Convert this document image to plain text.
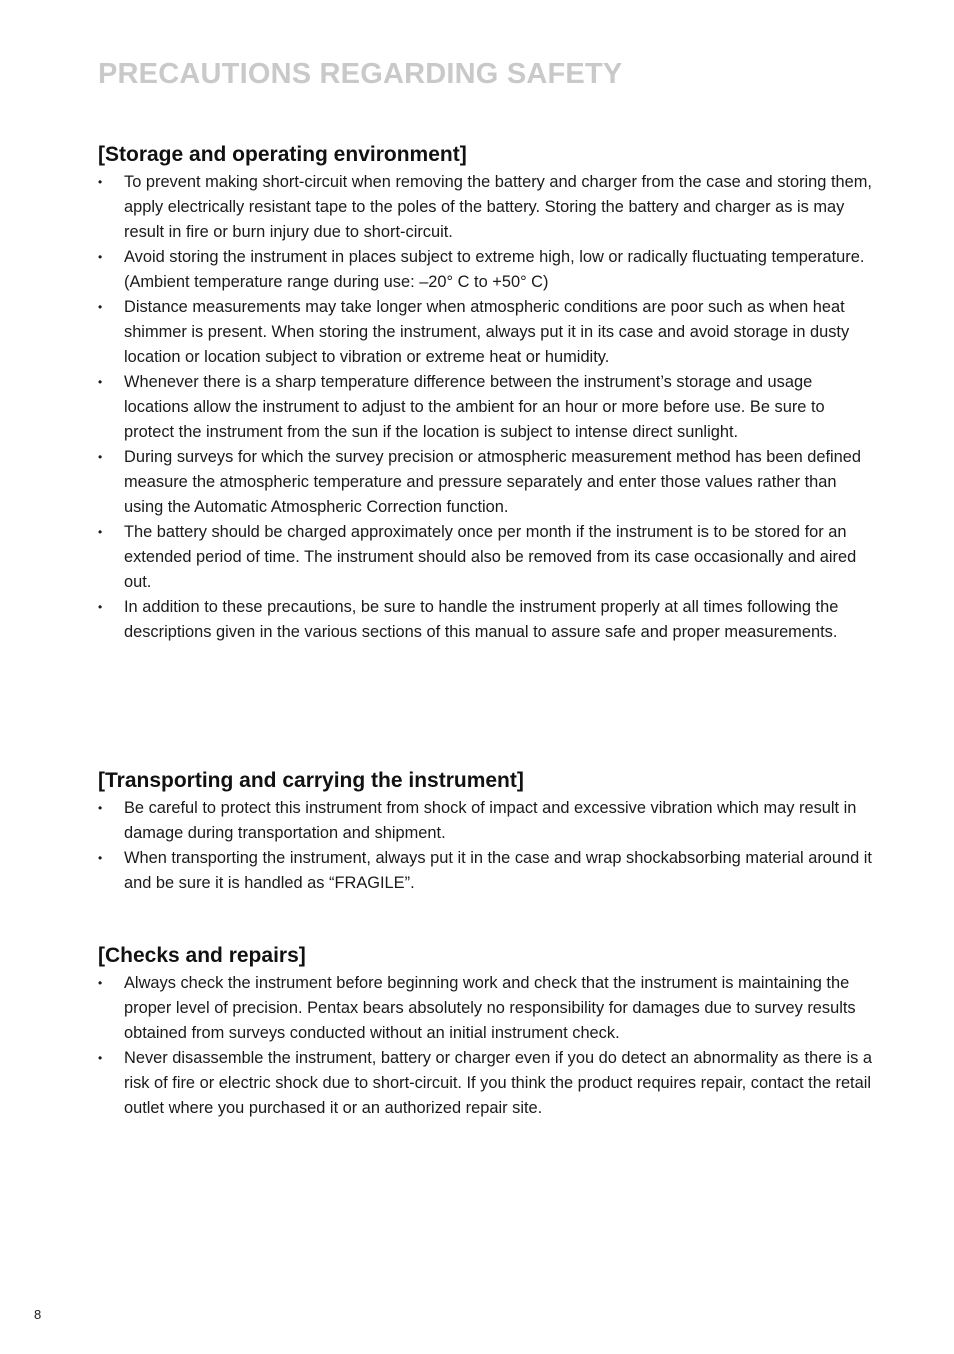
PRECAUTIONS REGARDING SAFETY
[Storage and operating environment]
• To prevent making short-circuit when removing the battery and charger from the case and storing them, apply electrically resistant tape to the poles of the battery. Storing the battery and charger as is may result in fire or burn injury due to short-circuit.
• Avoid storing the instrument in places subject to extreme high, low or radically fluctuating temperature. (Ambient temperature range during use: –20° C to +50° C)
• Distance measurements may take longer when atmospheric conditions are poor such as when heat shimmer is present. When storing the instrument, always put it in its case and avoid storage in dusty location or location subject to vibration or extreme heat or humidity.
• Whenever there is a sharp temperature difference between the instrument’s storage and usage locations allow the instrument to adjust to the ambient for an hour or more before use. Be sure to protect the instrument from the sun if the location is subject to intense direct sunlight.
• During surveys for which the survey precision or atmospheric measurement method has been defined measure the atmospheric temperature and pressure separately and enter those values rather than using the Automatic Atmospheric Correction function.
• The battery should be charged approximately once per month if the instrument is to be stored for an extended period of time. The instrument should also be removed from its case occasionally and aired out.
• In addition to these precautions, be sure to handle the instrument properly at all times following the descriptions given in the various sections of this manual to assure safe and proper measurements.
[Transporting and carrying the instrument]
• Be careful to protect this instrument from shock of impact and excessive vibration which may result in damage during transportation and shipment.
• When transporting the instrument, always put it in the case and wrap shockabsorbing material around it and be sure it is handled as “FRAGILE”.
[Checks and repairs]
• Always check the instrument before beginning work and check that the instrument is maintaining the proper level of precision. Pentax bears absolutely no responsibility for damages due to survey results obtained from surveys conducted without an initial instrument check.
• Never disassemble the instrument, battery or charger even if you do detect an abnormality as there is a risk of fire or electric shock due to short-circuit. If you think the product requires repair, contact the retail outlet where you purchased it or an authorized repair site.
8
